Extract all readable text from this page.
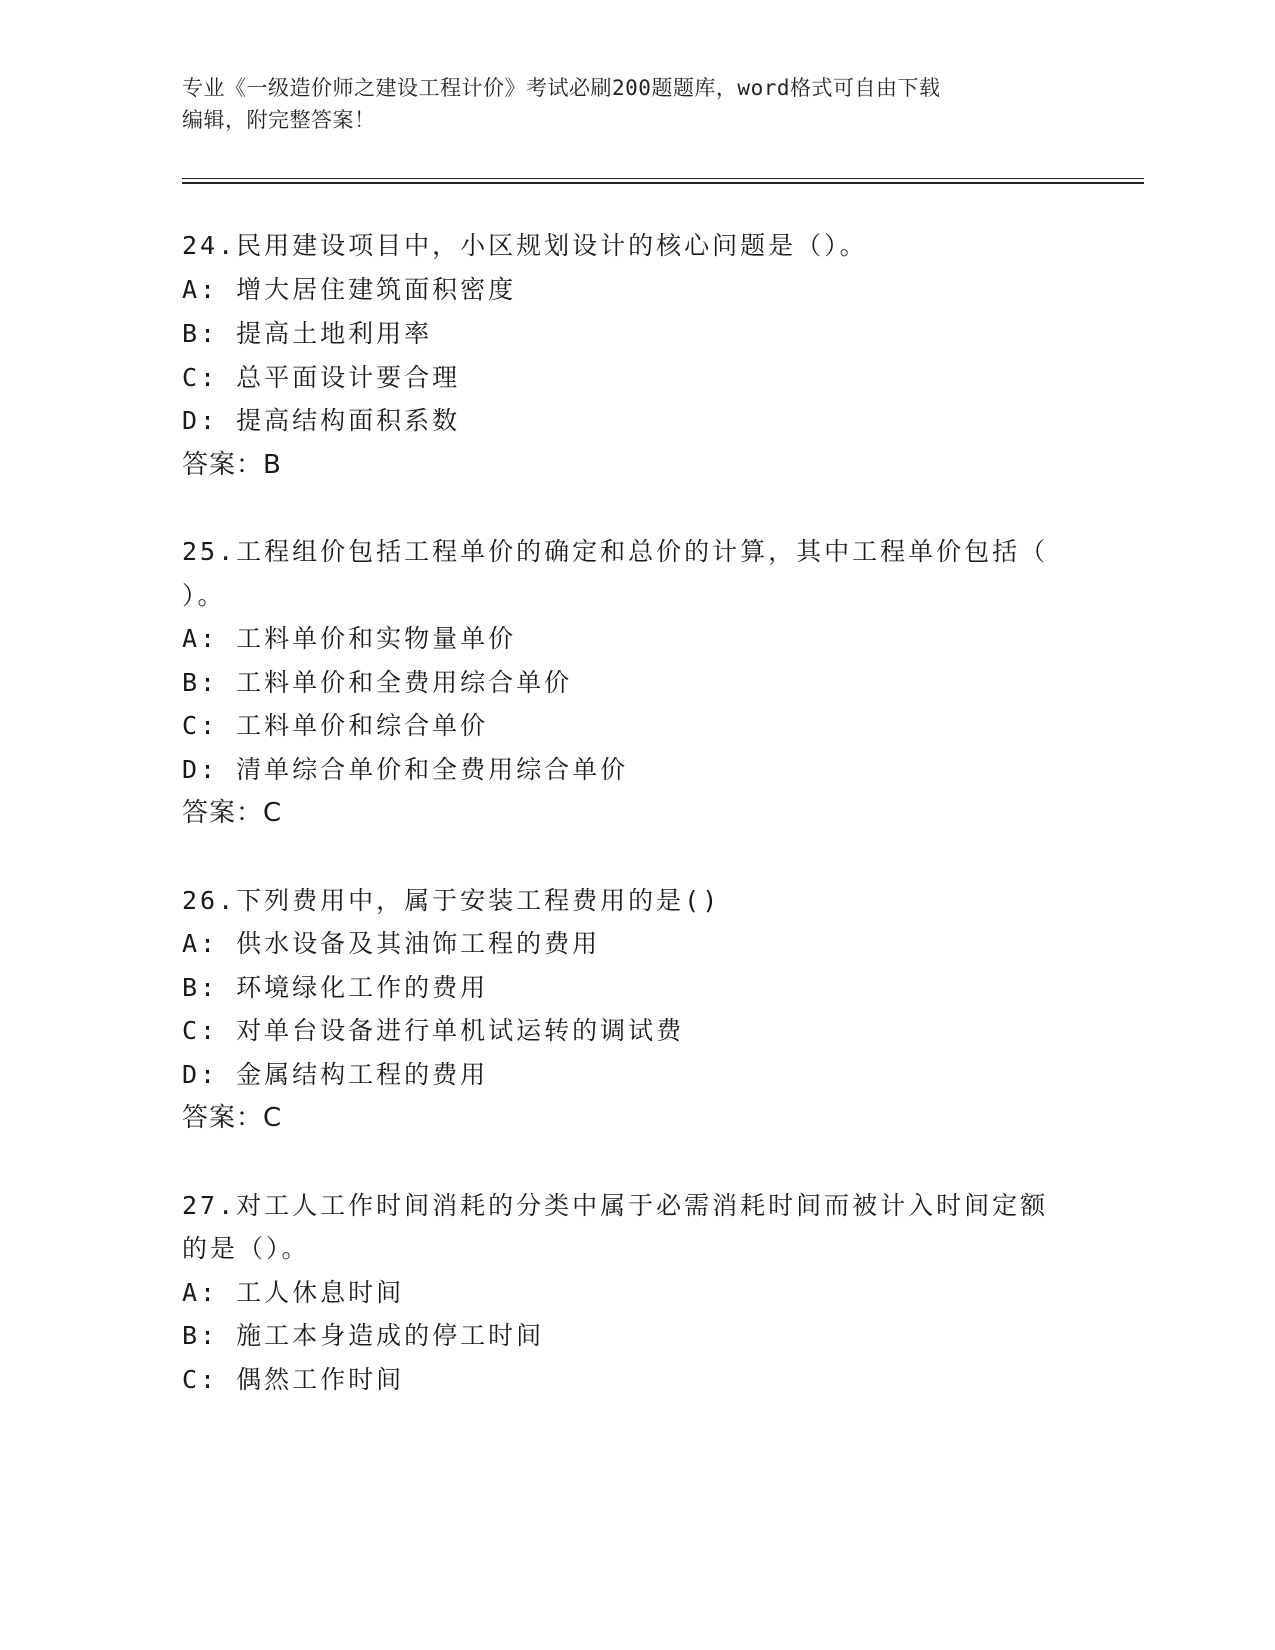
专业《一级造价师之建设工程计价》考试必刷200题题库，word格式可自由下载
编辑，附完整答案！
24.民用建设项目中，小区规划设计的核心问题是（）。
A: 增大居住建筑面积密度
B: 提高土地利用率
C: 总平面设计要合理
D: 提高结构面积系数
答案：B
25.工程组价包括工程单价的确定和总价的计算，其中工程单价包括（
）。
A: 工料单价和实物量单价
B: 工料单价和全费用综合单价
C: 工料单价和综合单价
D: 清单综合单价和全费用综合单价
答案：C
26.下列费用中，属于安装工程费用的是()
A: 供水设备及其油饰工程的费用
B: 环境绿化工作的费用
C: 对单台设备进行单机试运转的调试费
D: 金属结构工程的费用
答案：C
27.对工人工作时间消耗的分类中属于必需消耗时间而被计入时间定额
的是（）。
A: 工人休息时间
B: 施工本身造成的停工时间
C: 偶然工作时间
